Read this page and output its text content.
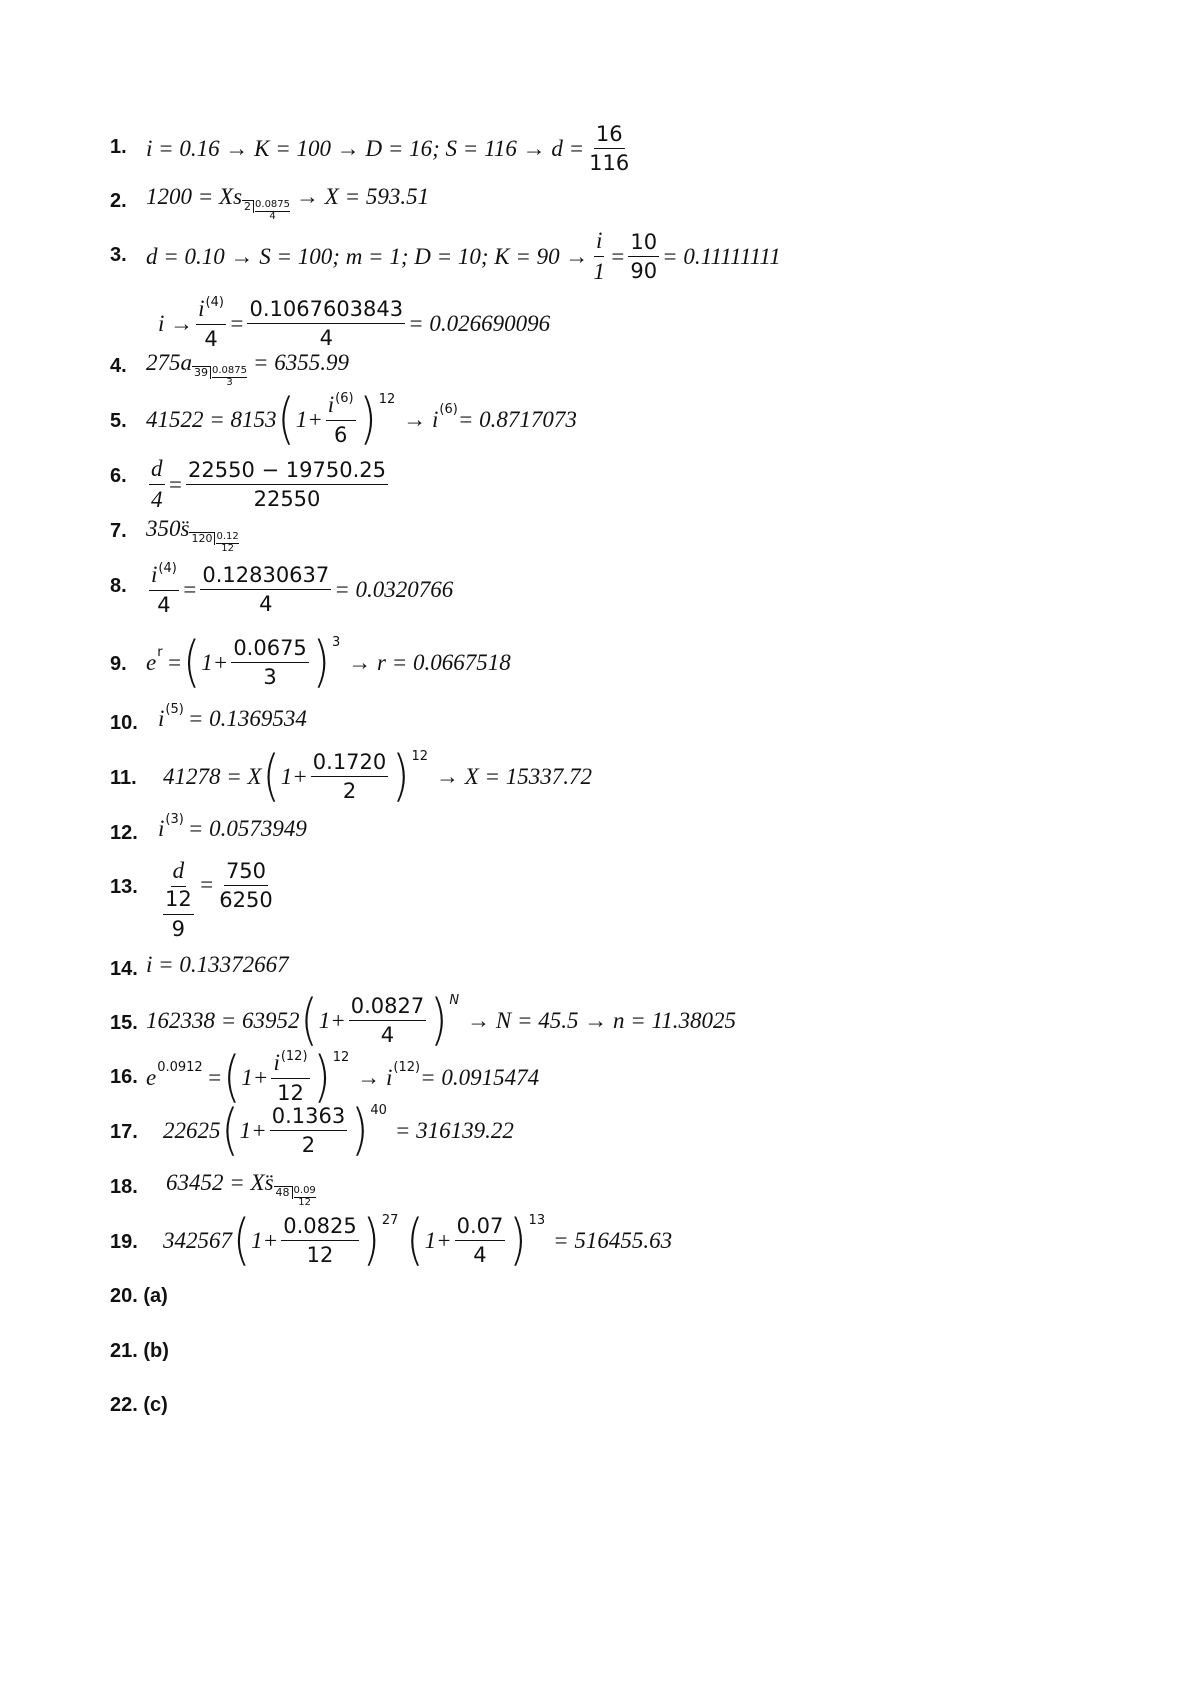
1. i = 0.16 → K = 100 → D = 16; $S = 116 \to d = \frac{16}{116}$
2. 1200 = Xs $2 \frac{0.0875}{4}$
→ X = 593.51
3. d = 0.10 → S = 100; m = 1; D = 10; $K = 90 \to \frac{i}{1} = \frac{10}{90} = 0.11111111$
$i \to \frac{i^{(4)}}{4} = \frac{0.1067603843}{4} = 0.026690096$
4. 275a $39 \frac{0.0875}{3}$
= 6355.99
5. 41522 = 8153 ( $1+ \frac{i^{(6)}}{6}$ ) 12
→ i (6) = 0.8717073
6. $\frac{d}{4} = \frac{22550 - 19750.25}{22550}$
7. 350s̈ $120 \frac{0.12}{12}$
8. $\frac{i^{(4)}}{4} = \frac{0.12830637}{4} = 0.0320766$
9. e r = ( $1+ \frac{0.0675}{3}$ ) 3
→ r = 0.0667518
10. i (5) = 0.1369534
11. 41278 = X ( $1+ \frac{0.1720}{2}$ ) 12
→ X = 15337.72
12. i (3) = 0.0573949
13. $\frac{d}{\frac{12}{9}} = \frac{750}{6250}$
14. i = 0.13372667
15. 162338 = 63952 ( $1+ \frac{0.0827}{4}$ ) N
→ N = 45.5 → n = 11.38025
16. e 0.0912 = ( $1+ \frac{i^{(12)}}{12}$ ) 12
→ i (12) = 0.0915474
17. 22625 ( $1+ \frac{0.1363}{2}$ ) 40
= 316139.22
18. 63452 = Xs̈ $48 \frac{0.09}{12}$
19. 342567 ( $1+ \frac{0.0825}{12}$ ) 27 ( $1+ \frac{0.07}{4}$ ) 13
= 516455.63
20. (a)
21. (b)
22. (c)
